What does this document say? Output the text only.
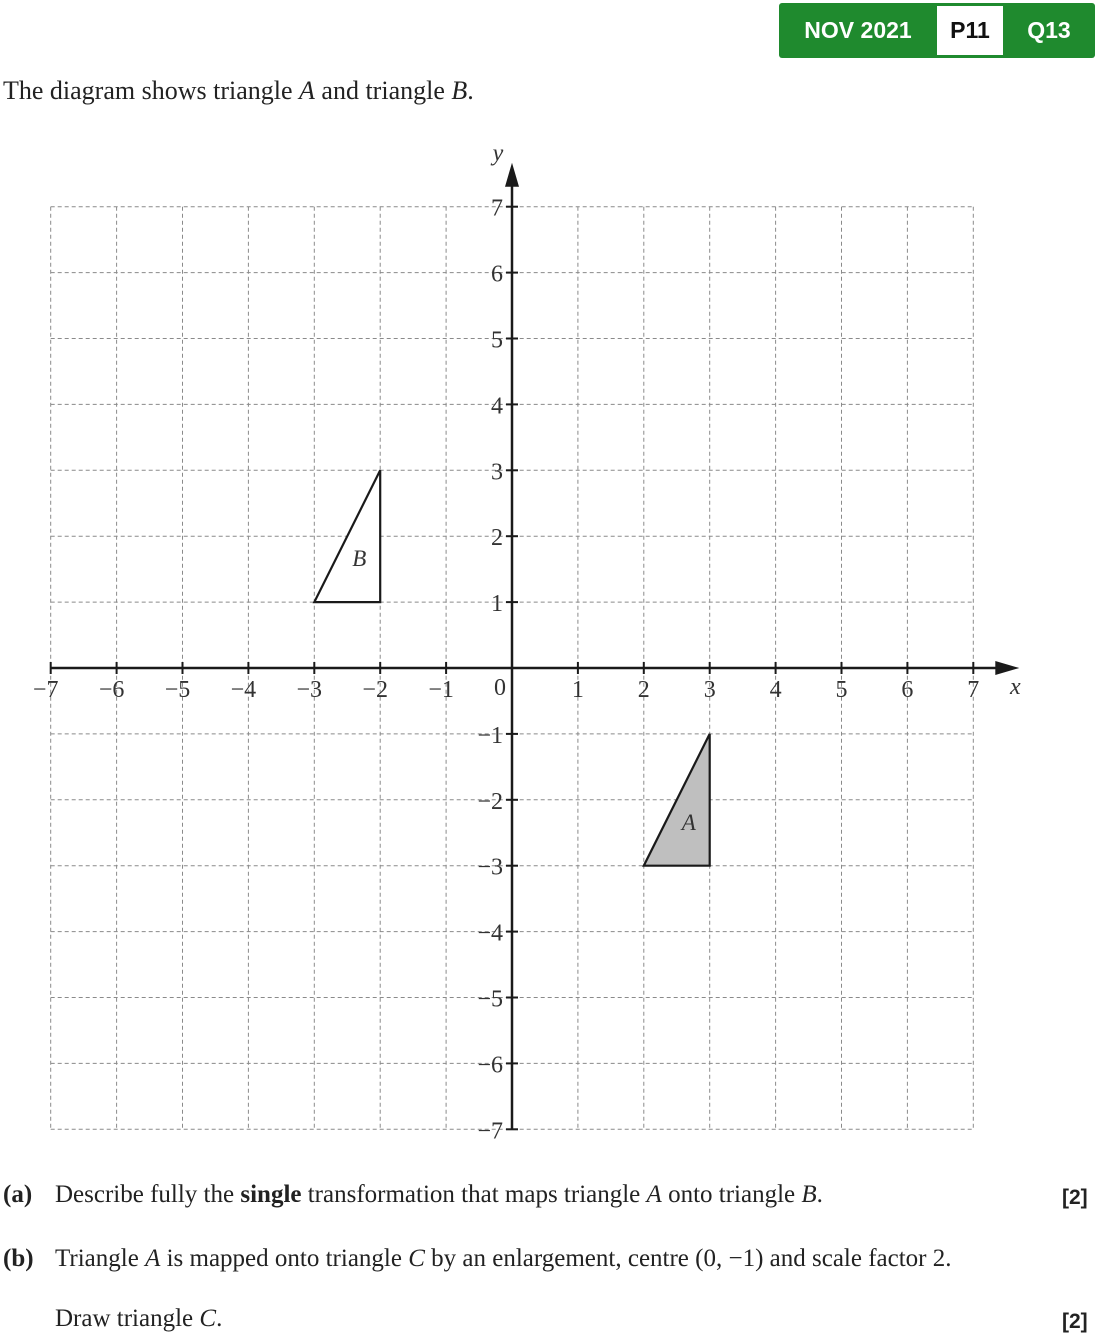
NOV 2021	P11	Q13
The diagram shows triangle A and triangle B.
B
A
−7 −6 −5 −4 −3 −2 −1	1 2 3 4 5 6 7
7
6
5
4
3
2
1
−1
−2
−3
−4
−5
−6
−7
0	x
y
(a) Describe fully the single transformation that maps triangle A onto triangle B.	[2]
(b) Triangle A is mapped onto triangle C by an enlargement, centre (0, −1) and scale factor 2.
Draw triangle C.	[2]
